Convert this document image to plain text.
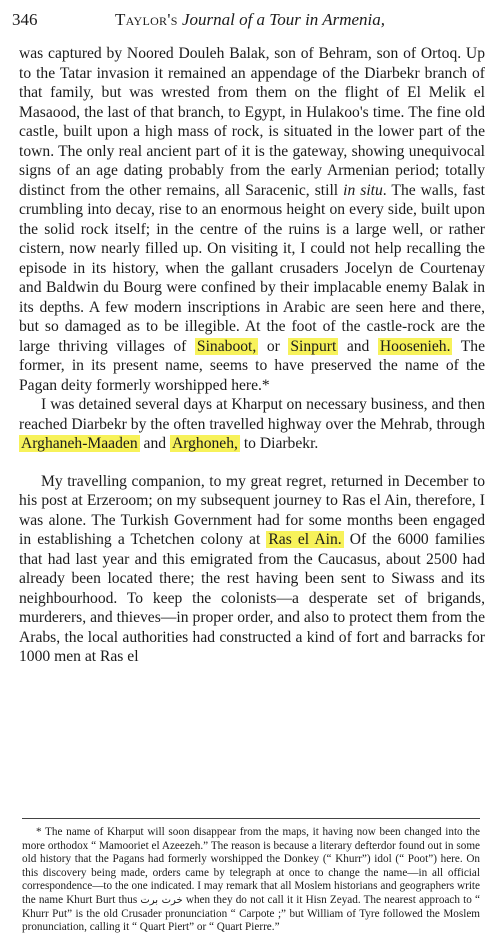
346	Taylor's Journal of a Tour in Armenia,

was captured by Noored Douleh Balak, son of Behram, son of Ortoq. Up to the Tatar invasion it remained an appendage of the Diarbekr branch of that family, but was wrested from them on the flight of El Melik el Masaood, the last of that branch, to Egypt, in Hulakoo's time. The fine old castle, built upon a high mass of rock, is situated in the lower part of the town. The only real ancient part of it is the gateway, showing unequivocal signs of an age dating probably from the early Armenian period; totally distinct from the other remains, all Saracenic, still in situ. The walls, fast crumbling into decay, rise to an enormous height on every side, built upon the solid rock itself; in the centre of the ruins is a large well, or rather cistern, now nearly filled up. On visiting it, I could not help recalling the episode in its history, when the gallant crusaders Jocelyn de Courtenay and Baldwin du Bourg were confined by their implacable enemy Balak in its depths. A few modern inscriptions in Arabic are seen here and there, but so damaged as to be illegible. At the foot of the castle-rock are the large thriving villages of Sinaboot, or Sinpurt and Hoosenieh. The former, in its present name, seems to have preserved the name of the Pagan deity formerly worshipped here.*

I was detained several days at Kharput on necessary business, and then reached Diarbekr by the often travelled highway over the Mehrab, through Arghaneh-Maaden and Arghoneh, to Diarbekr.

My travelling companion, to my great regret, returned in December to his post at Erzeroom; on my subsequent journey to Ras el Ain, therefore, I was alone. The Turkish Government had for some months been engaged in establishing a Tchetchen colony at Ras el Ain. Of the 6000 families that had last year and this emigrated from the Caucasus, about 2500 had already been located there; the rest having been sent to Siwass and its neighbourhood. To keep the colonists—a desperate set of brigands, murderers, and thieves—in proper order, and also to protect them from the Arabs, the local authorities had constructed a kind of fort and barracks for 1000 men at Ras el

* The name of Kharput will soon disappear from the maps, it having now been changed into the more orthodox “ Mamooriet el Azeezeh.” The reason is because a literary defterdor found out in some old history that the Pagans had formerly worshipped the Donkey (“ Khurr”) idol (“ Poot”) here. On this discovery being made, orders came by telegraph at once to change the name—in all official correspondence—to the one indicated. I may remark that all Moslem historians and geographers write the name Khurt Burt thus خرت برت when they do not call it it Hisn Zeyad. The nearest approach to “ Khurr Put” is the old Crusader pronunciation “ Carpote ;” but William of Tyre followed the Moslem pronunciation, calling it “ Quart Piert” or “ Quart Pierre.”
